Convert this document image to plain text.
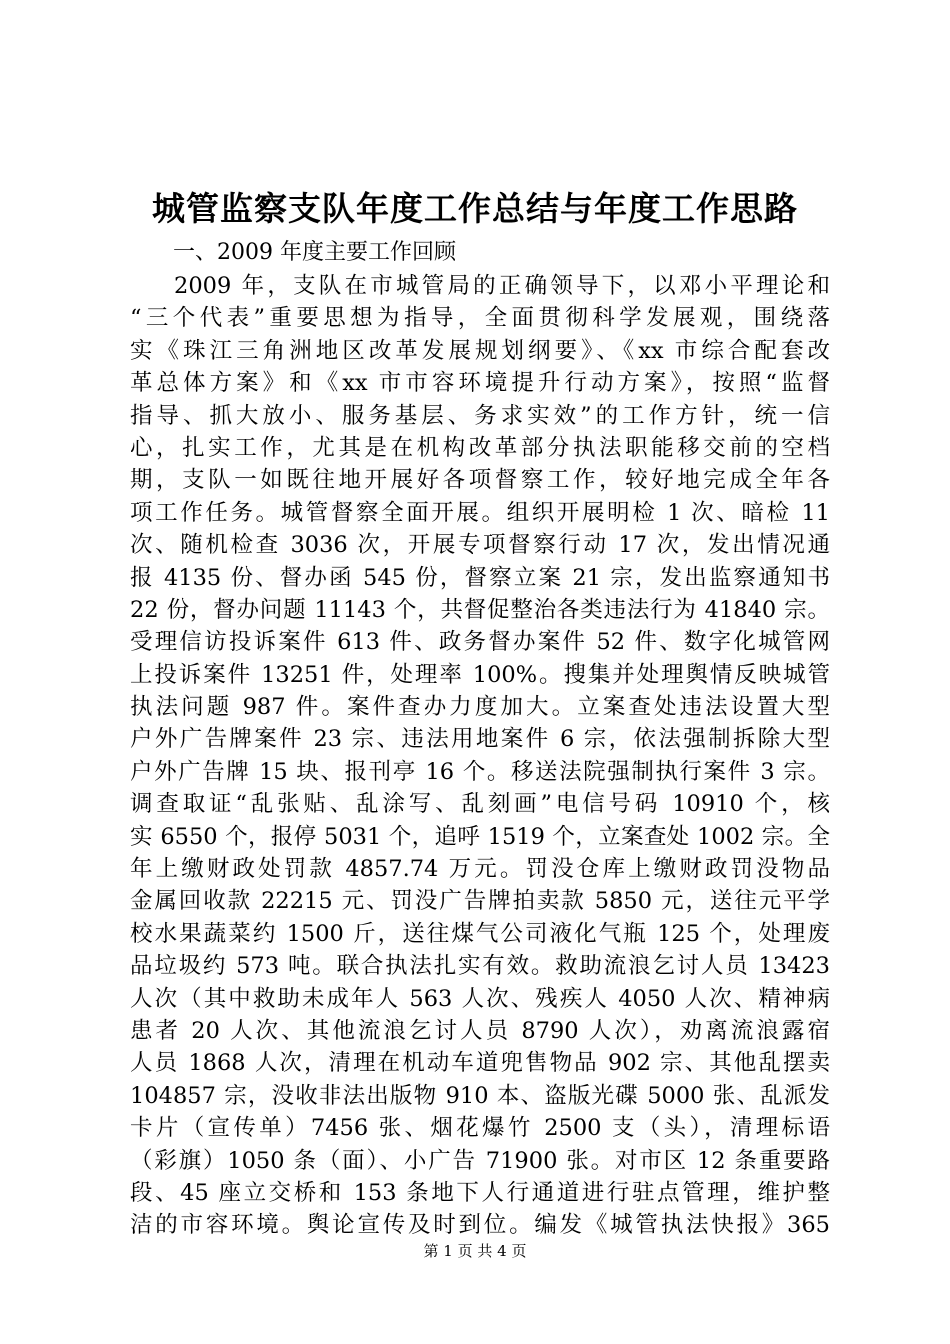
城管监察支队年度工作总结与年度工作思路

一、2009 年度主要工作回顾

2009 年，支队在市城管局的正确领导下，以邓小平理论和
“三个代表”重要思想为指导，全面贯彻科学发展观，围绕落
实《珠江三角洲地区改革发展规划纲要》、《xx 市综合配套改
革总体方案》和《xx 市市容环境提升行动方案》，按照“监督
指导、抓大放小、服务基层、务求实效”的工作方针，统一信
心，扎实工作，尤其是在机构改革部分执法职能移交前的空档
期，支队一如既往地开展好各项督察工作，较好地完成全年各
项工作任务。城管督察全面开展。组织开展明检 1 次、暗检 11
次、随机检查 3036 次，开展专项督察行动 17 次，发出情况通
报 4135 份、督办函 545 份，督察立案 21 宗，发出监察通知书
22 份，督办问题 11143 个，共督促整治各类违法行为 41840 宗。
受理信访投诉案件 613 件、政务督办案件 52 件、数字化城管网
上投诉案件 13251 件，处理率 100%。搜集并处理舆情反映城管
执法问题 987 件。案件查办力度加大。立案查处违法设置大型
户外广告牌案件 23 宗、违法用地案件 6 宗，依法强制拆除大型
户外广告牌 15 块、报刊亭 16 个。移送法院强制执行案件 3 宗。
调查取证“乱张贴、乱涂写、乱刻画”电信号码 10910 个，核
实 6550 个，报停 5031 个，追呼 1519 个，立案查处 1002 宗。全
年上缴财政处罚款 4857.74 万元。罚没仓库上缴财政罚没物品
金属回收款 22215 元、罚没广告牌拍卖款 5850 元，送往元平学
校水果蔬菜约 1500 斤，送往煤气公司液化气瓶 125 个，处理废
品垃圾约 573 吨。联合执法扎实有效。救助流浪乞讨人员 13423
人次（其中救助未成年人 563 人次、残疾人 4050 人次、精神病
患者 20 人次、其他流浪乞讨人员 8790 人次），劝离流浪露宿
人员 1868 人次，清理在机动车道兜售物品 902 宗、其他乱摆卖
104857 宗，没收非法出版物 910 本、盗版光碟 5000 张、乱派发
卡片（宣传单）7456 张、烟花爆竹 2500 支（头），清理标语
（彩旗）1050 条（面）、小广告 71900 张。对市区 12 条重要路
段、45 座立交桥和 153 条地下人行通道进行驻点管理，维护整
洁的市容环境。舆论宣传及时到位。编发《城管执法快报》365

第 1 页 共 4 页
